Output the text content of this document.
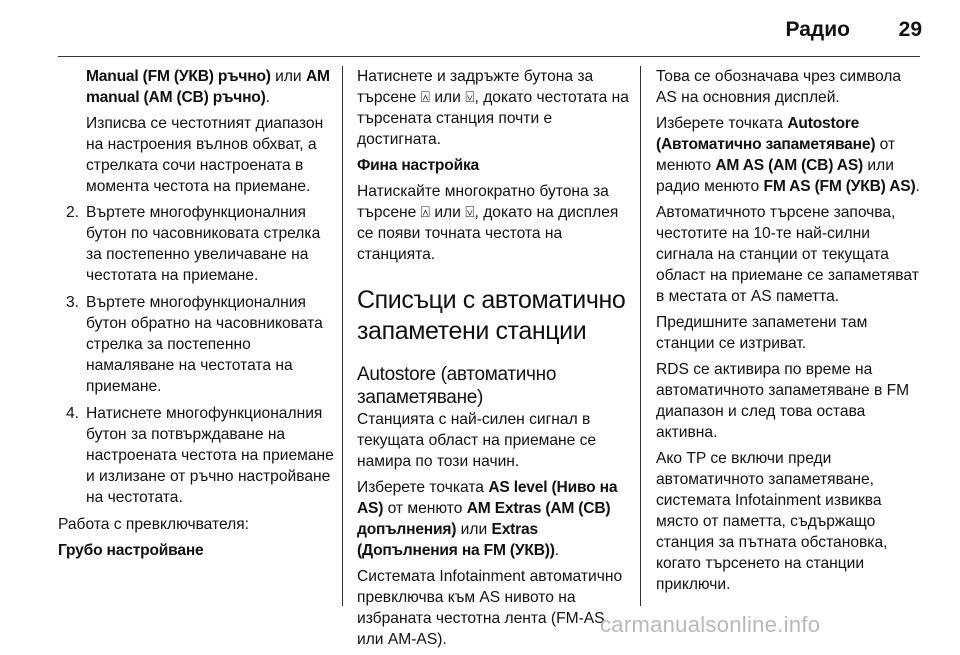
Радио 29

Manual (FM (УКВ) ръчно) или AM manual (AM (СВ) ръчно).

Изписва се честотният диапазон на настроения вълнов обхват, а стрелката сочи настроената в момента честота на приемане.

2. Въртете многофункционалния бутон по часовниковата стрелка за постепенно увеличаване на честотата на приемане.
3. Въртете многофункционалния бутон обратно на часовниковата стрелка за постепенно намаляване на честотата на приемане.
4. Натиснете многофункционалния бутон за потвърждаване на настроената честота на приемане и излизане от ръчно настройване на честотата.

Работа с превключвателя:

Грубо настройване

Натиснете и задръжте бутона за търсене ⍓ или ⍌, докато честотата на търсената станция почти е достигната.

Фина настройка

Натискайте многократно бутона за търсене ⍓ или ⍌, докато на дисплея се появи точната честота на станцията.

Списъци с автоматично запаметени станции
Autostore (автоматично запаметяване)

Станцията с най-силен сигнал в текущата област на приемане се намира по този начин.

Изберете точката AS level (Ниво на AS) от менюто AM Extras (AM (СВ) допълнения) или Extras (Допълнения на FM (УКВ)).

Системата Infotainment автоматично превключва към AS нивото на избраната честотна лента (FM-AS или AM-AS).

Това се обозначава чрез символа AS на основния дисплей.

Изберете точката Autostore (Автоматично запаметяване) от менюто AM AS (AM (СВ) AS) или радио менюто FM AS (FM (УКВ) AS).

Автоматичното търсене започва, честотите на 10-те най-силни сигнала на станции от текущата област на приемане се запаметяват в местата от AS паметта.

Предишните запаметени там станции се изтриват.

RDS се активира по време на автоматичното запаметяване в FM диапазон и след това остава активна.

Ако TP се включи преди автоматичното запаметяване, системата Infotainment извиква място от паметта, съдържащо станция за пътната обстановка, когато търсенето на станции приключи.

carmanualsonline.info
